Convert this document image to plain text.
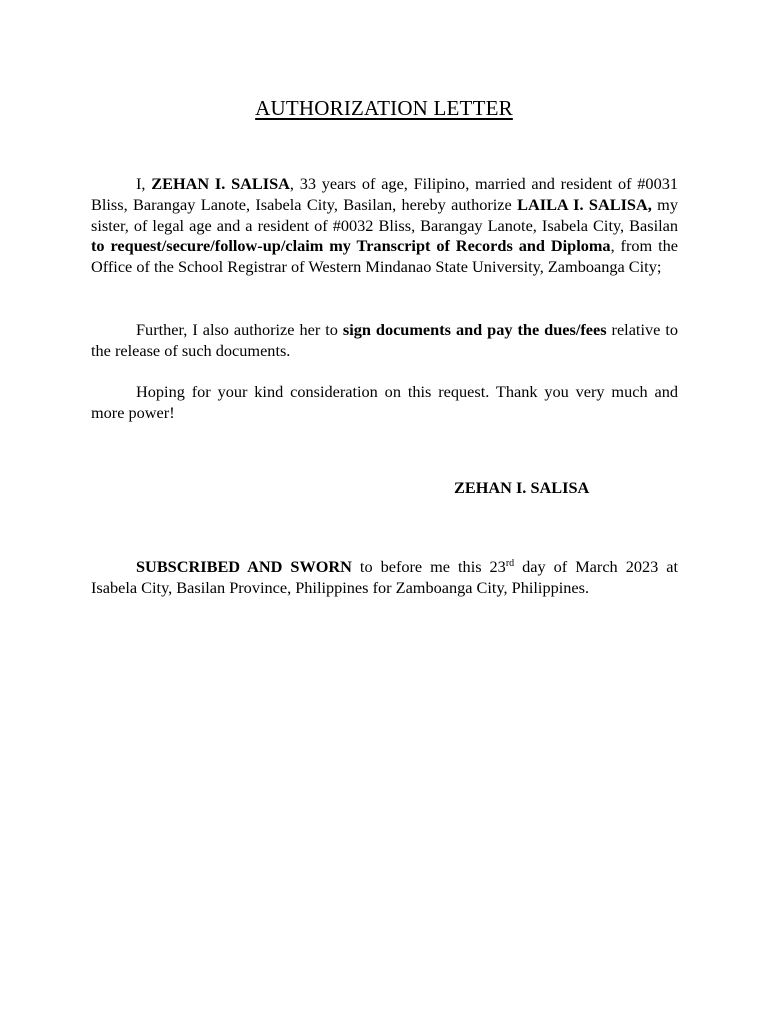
AUTHORIZATION LETTER

I, ZEHAN I. SALISA, 33 years of age, Filipino, married and resident of #0031 Bliss, Barangay Lanote, Isabela City, Basilan, hereby authorize LAILA I. SALISA, my sister, of legal age and a resident of #0032 Bliss, Barangay Lanote, Isabela City, Basilan to request/secure/follow-up/claim my Transcript of Records and Diploma, from the Office of the School Registrar of Western Mindanao State University, Zamboanga City;

Further, I also authorize her to sign documents and pay the dues/fees relative to the release of such documents.

Hoping for your kind consideration on this request. Thank you very much and more power!

ZEHAN I. SALISA

SUBSCRIBED AND SWORN to before me this 23rd day of March 2023 at Isabela City, Basilan Province, Philippines for Zamboanga City, Philippines.
